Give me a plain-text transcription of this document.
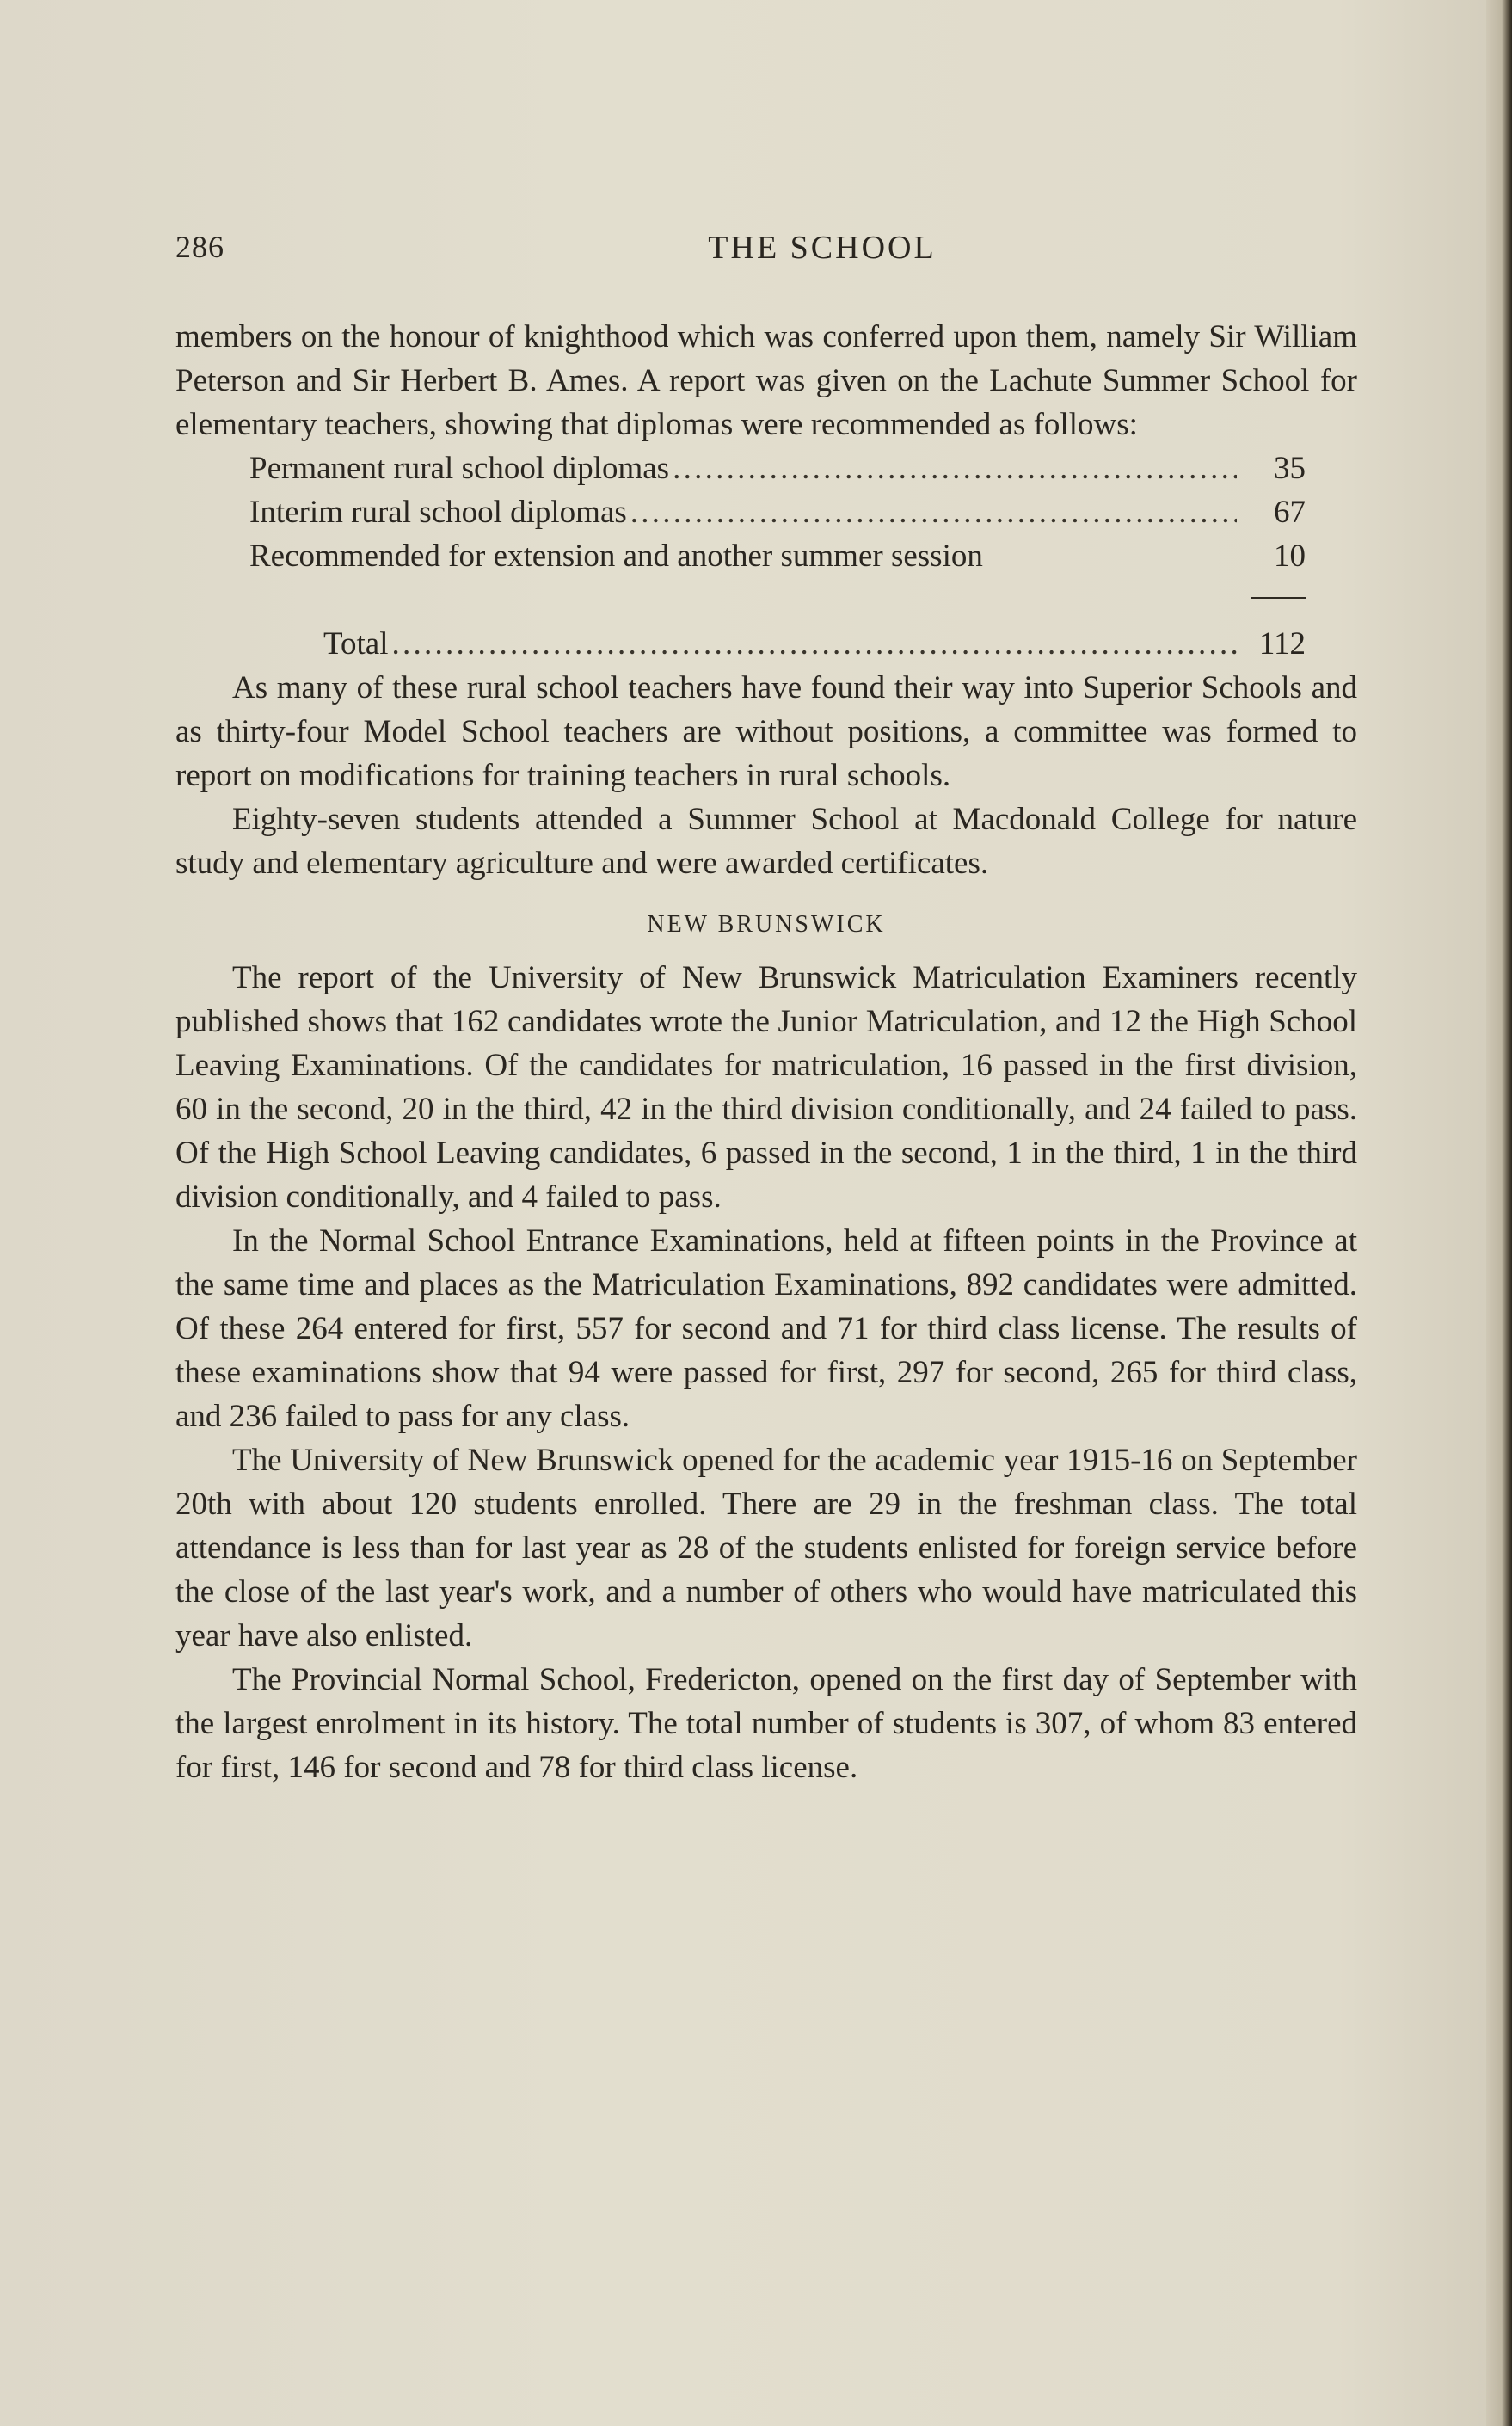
286	THE SCHOOL

members on the honour of knighthood which was conferred upon them, namely Sir William Peterson and Sir Herbert B. Ames. A report was given on the Lachute Summer School for elementary teachers, showing that diplomas were recommended as follows:

Permanent rural school diplomas . . .	35
Interim rural school diplomas . . .	67
Recommended for extension and another summer session	10
Total . . .	112

As many of these rural school teachers have found their way into Superior Schools and as thirty-four Model School teachers are without positions, a committee was formed to report on modifications for training teachers in rural schools.

Eighty-seven students attended a Summer School at Macdonald College for nature study and elementary agriculture and were awarded certificates.

NEW BRUNSWICK

The report of the University of New Brunswick Matriculation Examiners recently published shows that 162 candidates wrote the Junior Matriculation, and 12 the High School Leaving Examinations. Of the candidates for matriculation, 16 passed in the first division, 60 in the second, 20 in the third, 42 in the third division conditionally, and 24 failed to pass. Of the High School Leaving candidates, 6 passed in the second, 1 in the third, 1 in the third division conditionally, and 4 failed to pass.

In the Normal School Entrance Examinations, held at fifteen points in the Province at the same time and places as the Matriculation Examinations, 892 candidates were admitted. Of these 264 entered for first, 557 for second and 71 for third class license. The results of these examinations show that 94 were passed for first, 297 for second, 265 for third class, and 236 failed to pass for any class.

The University of New Brunswick opened for the academic year 1915-16 on September 20th with about 120 students enrolled. There are 29 in the freshman class. The total attendance is less than for last year as 28 of the students enlisted for foreign service before the close of the last year's work, and a number of others who would have matriculated this year have also enlisted.

The Provincial Normal School, Fredericton, opened on the first day of September with the largest enrolment in its history. The total number of students is 307, of whom 83 entered for first, 146 for second and 78 for third class license.
